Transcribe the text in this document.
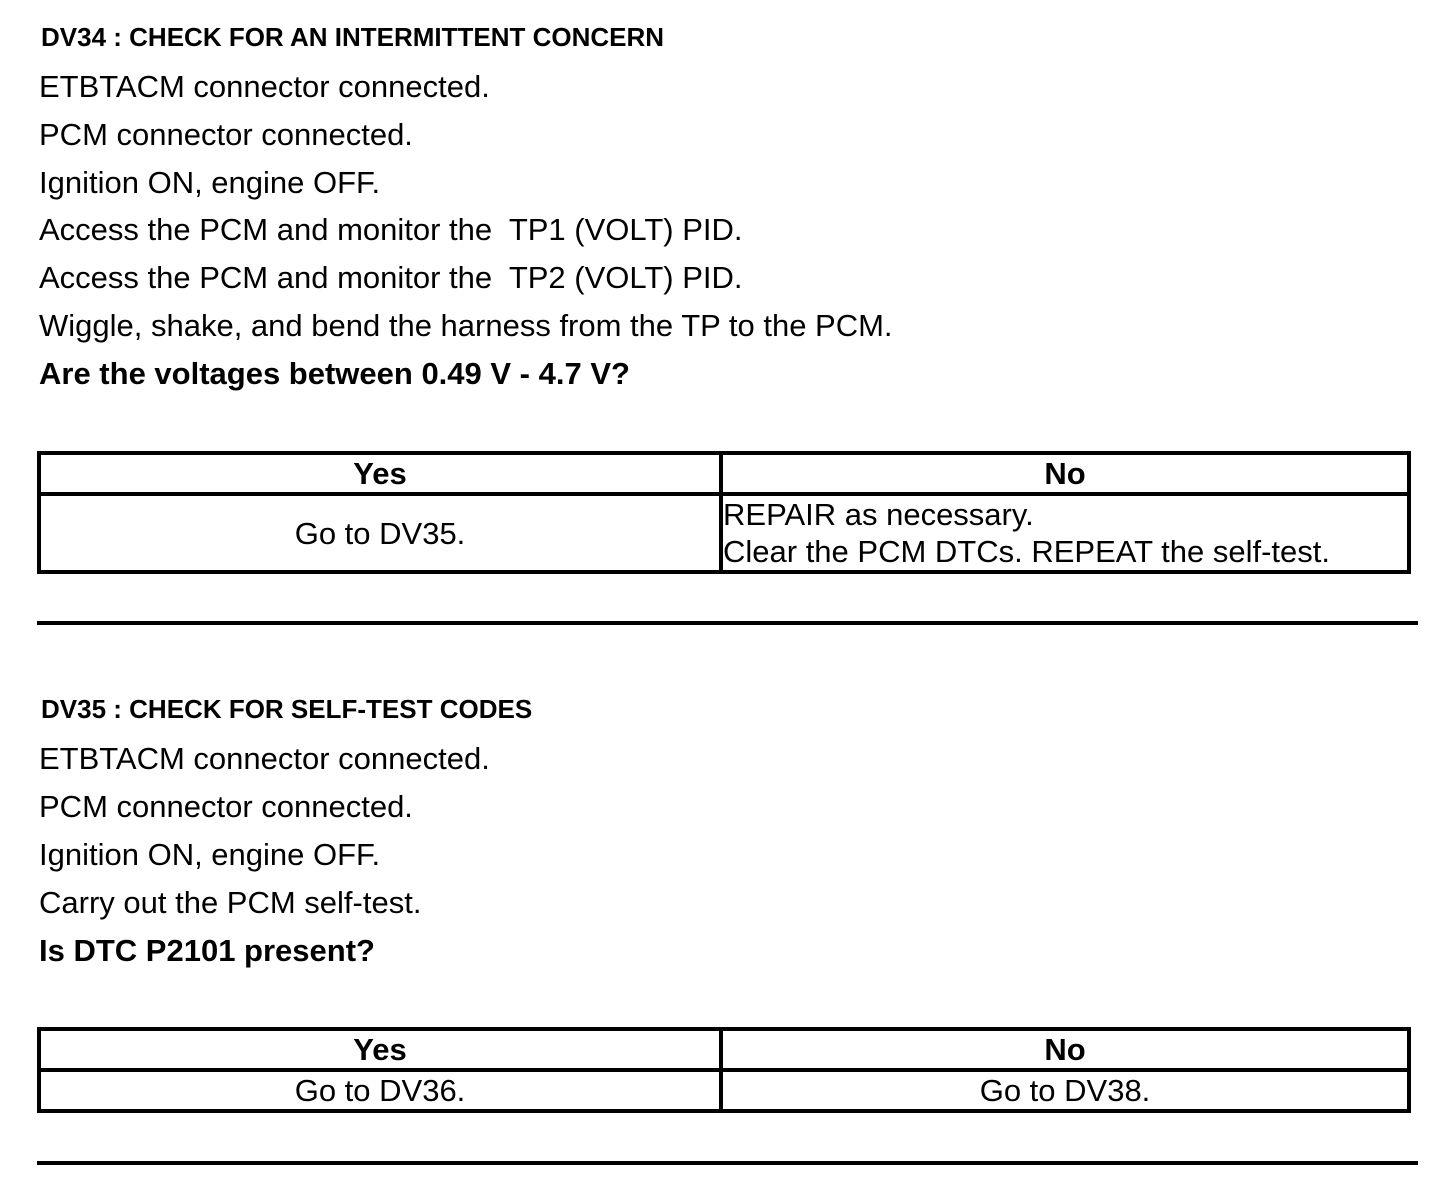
DV34 : CHECK FOR AN INTERMITTENT CONCERN
ETBTACM connector connected.
PCM connector connected.
Ignition ON, engine OFF.
Access the PCM and monitor the  TP1 (VOLT) PID.
Access the PCM and monitor the  TP2 (VOLT) PID.
Wiggle, shake, and bend the harness from the TP to the PCM.
Are the voltages between 0.49 V - 4.7 V?
Yes	No
Go to DV35.	REPAIR as necessary.
Clear the PCM DTCs. REPEAT the self-test.
DV35 : CHECK FOR SELF-TEST CODES
ETBTACM connector connected.
PCM connector connected.
Ignition ON, engine OFF.
Carry out the PCM self-test.
Is DTC P2101 present?
Yes	No
Go to DV36.	Go to DV38.
